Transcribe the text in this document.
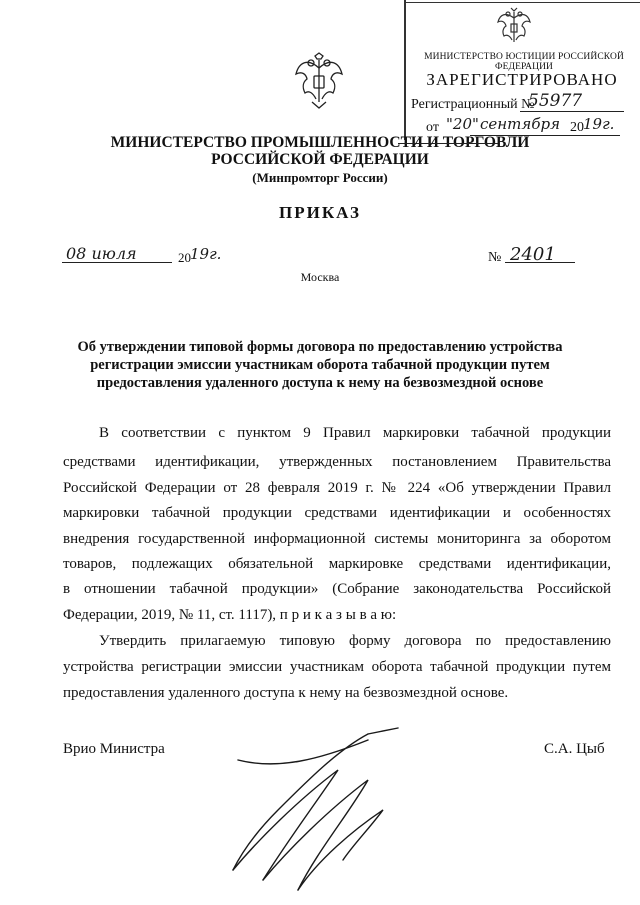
МИНИСТЕРСТВО ЮСТИЦИИ РОССИЙСКОЙ ФЕДЕРАЦИИ
ЗАРЕГИСТРИРОВАНО
Регистрационный №
55977
от "20" сентября 20 19г.
МИНИСТЕРСТВО ПРОМЫШЛЕННОСТИ И ТОРГОВЛИ
РОССИЙСКОЙ ФЕДЕРАЦИИ
(Минпромторг России)
ПРИКАЗ
08 июля	20 19г.	№ 2401
Москва
Об утверждении типовой формы договора по предоставлению устройства
регистрации эмиссии участникам оборота табачной продукции путем
предоставления удаленного доступа к нему на безвозмездной основе
В соответствии с пунктом 9 Правил маркировки табачной продукции
средствами идентификации, утвержденных постановлением Правительства
Российской Федерации от 28 февраля 2019 г. № 224 «Об утверждении Правил
маркировки табачной продукции средствами идентификации и особенностях
внедрения государственной информационной системы мониторинга за оборотом
товаров, подлежащих обязательной маркировке средствами идентификации,
в отношении табачной продукции» (Собрание законодательства Российской
Федерации, 2019, № 11, ст. 1117), п р и к а з ы в а ю:
Утвердить прилагаемую типовую форму договора по предоставлению
устройства регистрации эмиссии участникам оборота табачной продукции путем
предоставления удаленного доступа к нему на безвозмездной основе.
Врио Министра	С.А. Цыб
